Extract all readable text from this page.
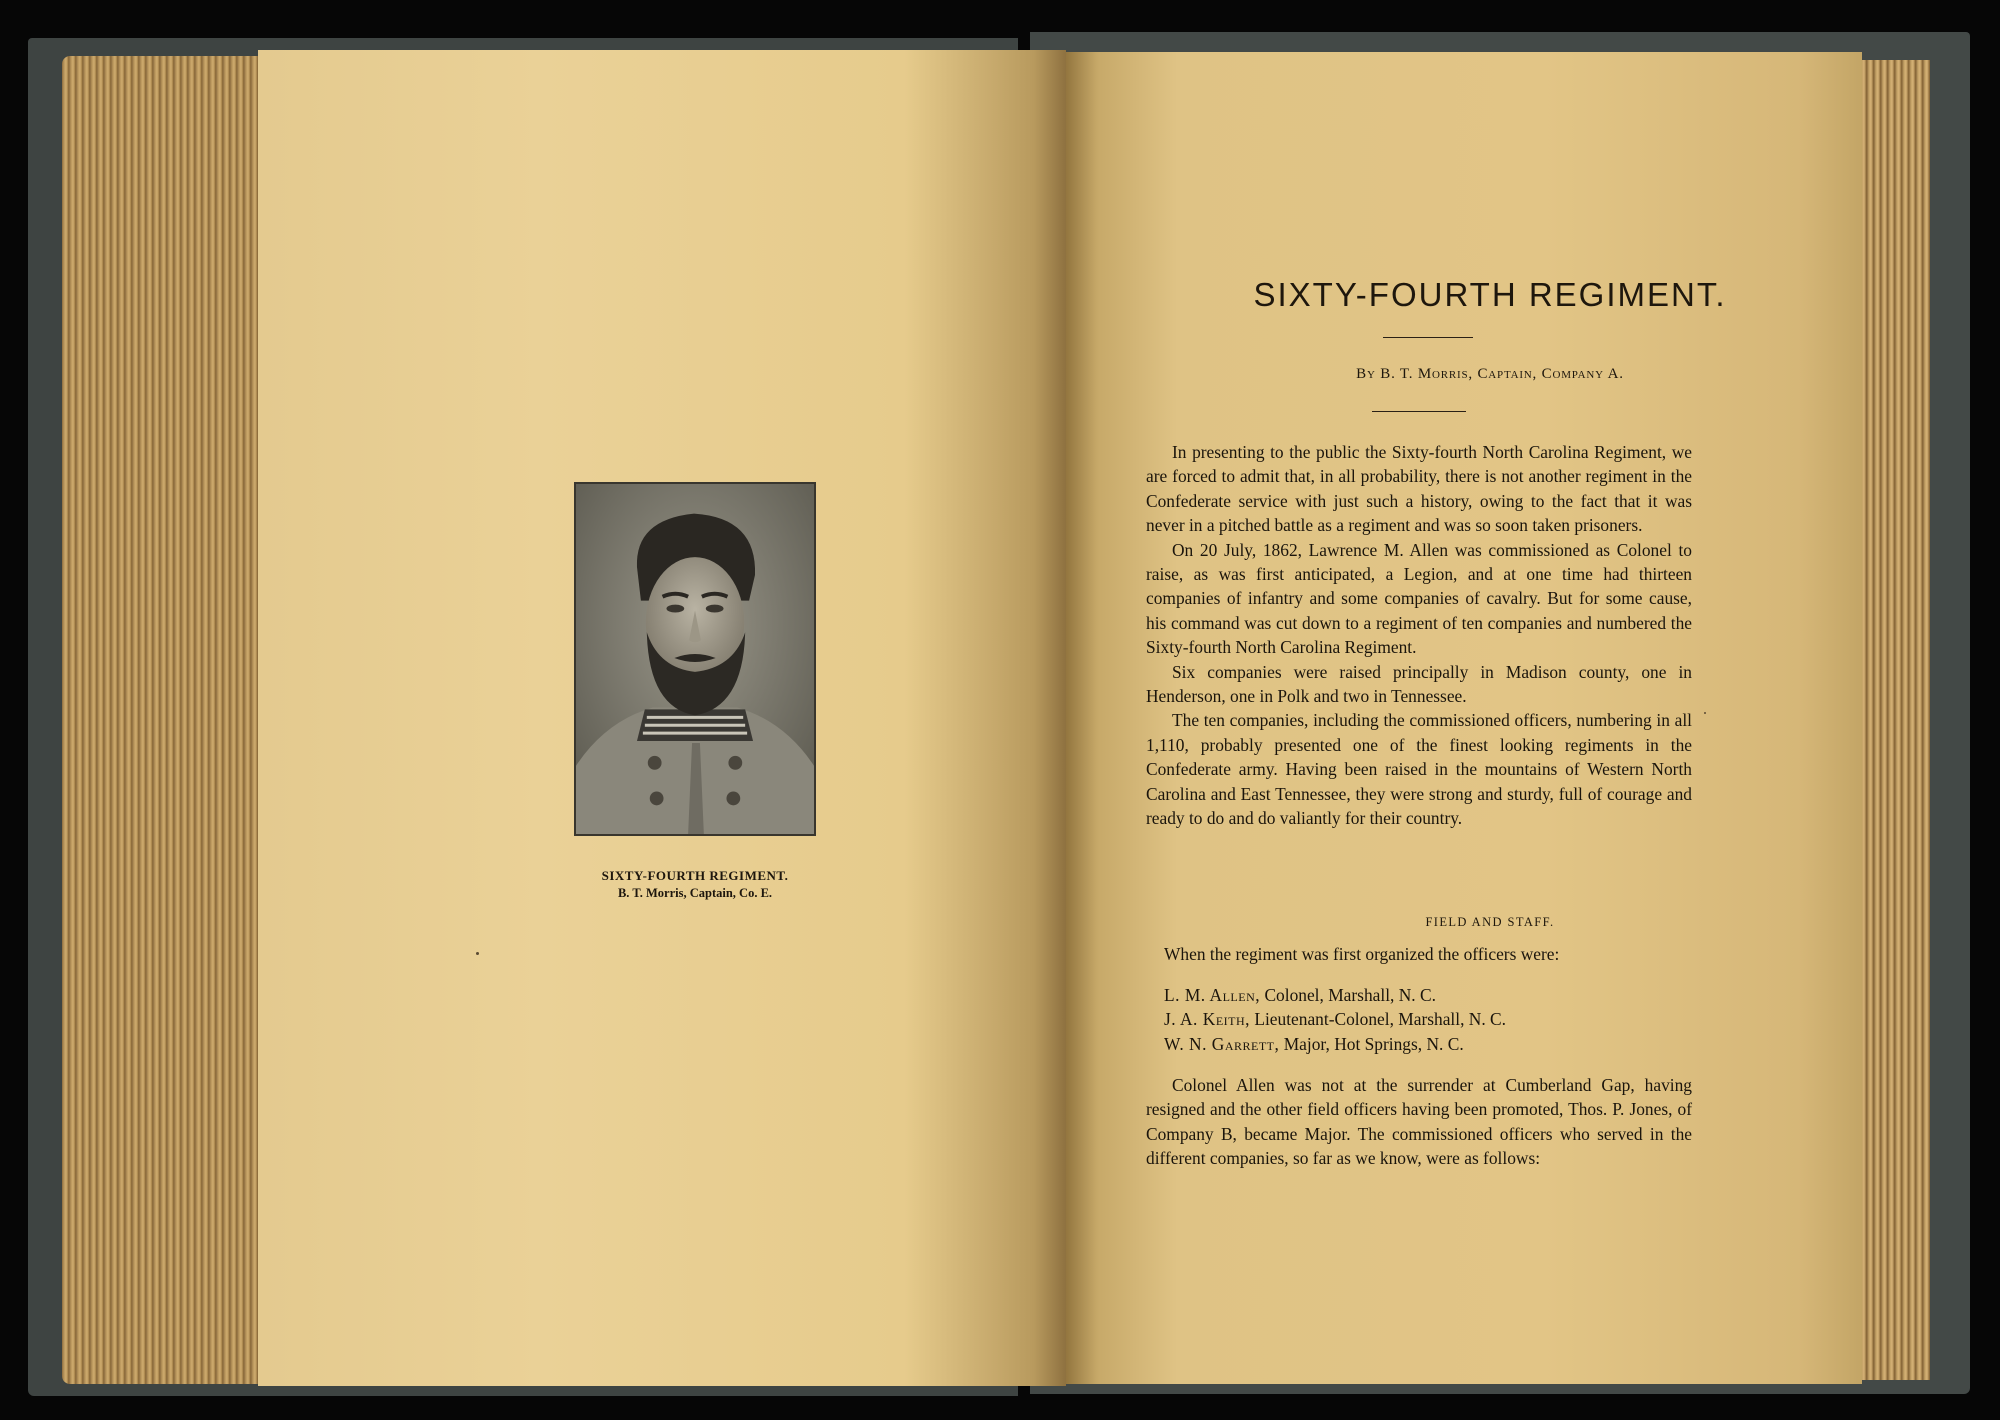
SIXTY-FOURTH REGIMENT.
B. T. Morris, Captain, Co. E.
SIXTY-FOURTH REGIMENT.
By B. T. Morris, Captain, Company A.

In presenting to the public the Sixty-fourth North Carolina Regiment, we are forced to admit that, in all probability, there is not another regiment in the Confederate service with just such a history, owing to the fact that it was never in a pitched battle as a regiment and was so soon taken prisoners.

On 20 July, 1862, Lawrence M. Allen was commissioned as Colonel to raise, as was first anticipated, a Legion, and at one time had thirteen companies of infantry and some companies of cavalry. But for some cause, his command was cut down to a regiment of ten companies and numbered the Sixty-fourth North Carolina Regiment.

Six companies were raised principally in Madison county, one in Henderson, one in Polk and two in Tennessee.

The ten companies, including the commissioned officers, numbering in all 1,110, probably presented one of the finest looking regiments in the Confederate army. Having been raised in the mountains of Western North Carolina and East Tennessee, they were strong and sturdy, full of courage and ready to do and do valiantly for their country.

FIELD AND STAFF.
When the regiment was first organized the officers were:
L. M. Allen, Colonel, Marshall, N. C.
J. A. Keith, Lieutenant-Colonel, Marshall, N. C.
W. N. Garrett, Major, Hot Springs, N. C.

Colonel Allen was not at the surrender at Cumberland Gap, having resigned and the other field officers having been promoted, Thos. P. Jones, of Company B, became Major. The commissioned officers who served in the different companies, so far as we know, were as follows:
